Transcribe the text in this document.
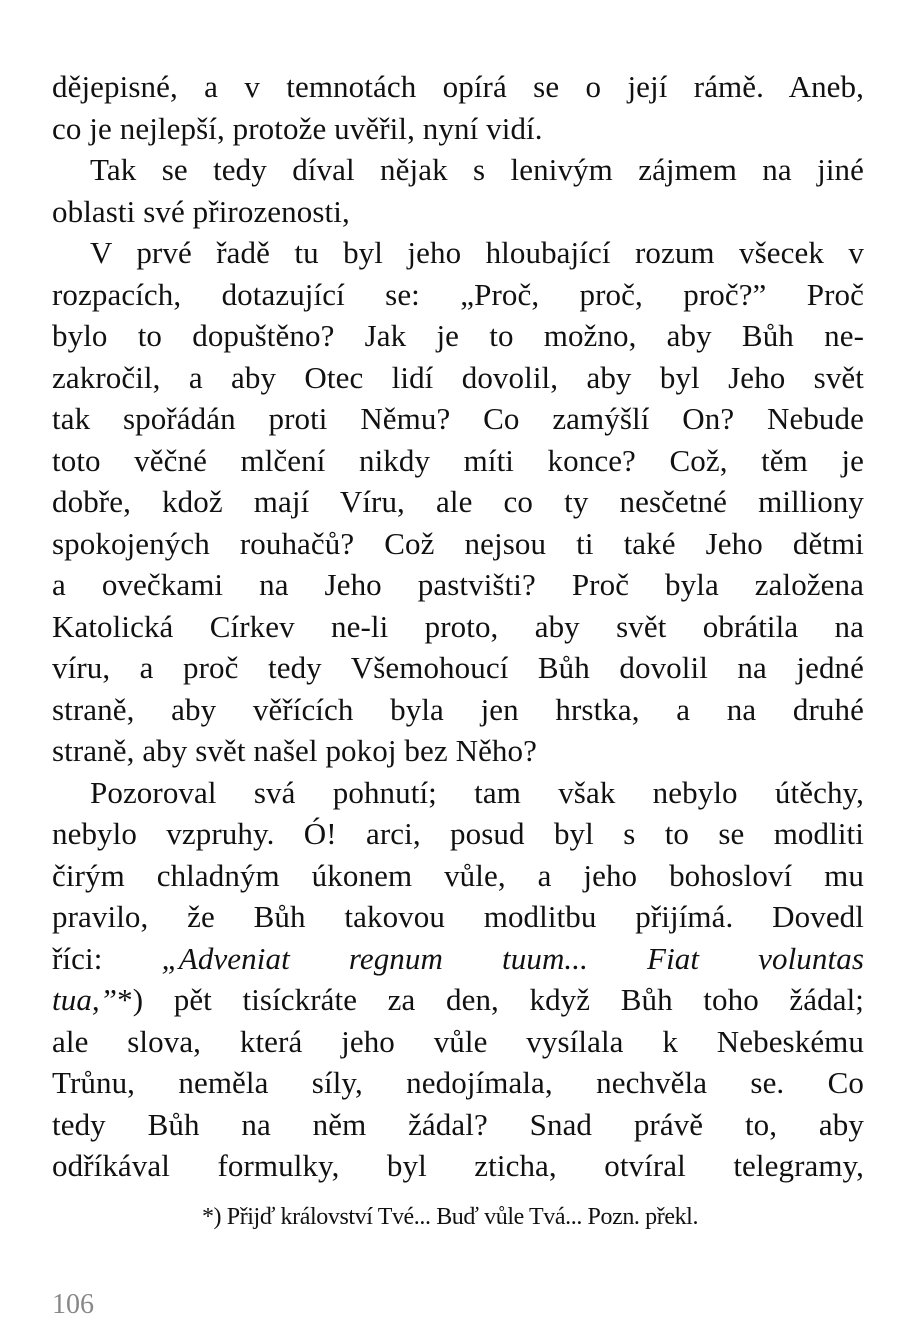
dějepisné, a v temnotách opírá se o její rámě. Aneb,
co je nejlepší, protože uvěřil, nyní vidí.
Tak se tedy díval nějak s lenivým zájmem na jiné
oblasti své přirozenosti,
V prvé řadě tu byl jeho hloubající rozum všecek v
rozpacích, dotazující se: „Proč, proč, proč?” Proč
bylo to dopuštěno? Jak je to možno, aby Bůh ne-
zakročil, a aby Otec lidí dovolil, aby byl Jeho svět
tak spořádán proti Němu? Co zamýšlí On? Nebude
toto věčné mlčení nikdy míti konce? Což, těm je
dobře, kdož mají Víru, ale co ty nesčetné milliony
spokojených rouhačů? Což nejsou ti také Jeho dětmi
a ovečkami na Jeho pastvišti? Proč byla založena
Katolická Církev ne-li proto, aby svět obrátila na
víru, a proč tedy Všemohoucí Bůh dovolil na jedné
straně, aby věřících byla jen hrstka, a na druhé
straně, aby svět našel pokoj bez Něho?
Pozoroval svá pohnutí; tam však nebylo útěchy,
nebylo vzpruhy. Ó! arci, posud byl s to se modliti
čirým chladným úkonem vůle, a jeho bohosloví mu
pravilo, že Bůh takovou modlitbu přijímá. Dovedl
říci: „Adveniat regnum tuum... Fiat voluntas
tua,”*) pět tisíckráte za den, když Bůh toho žádal;
ale slova, která jeho vůle vysílala k Nebeskému
Trůnu, neměla síly, nedojímala, nechvěla se. Co
tedy Bůh na něm žádal? Snad právě to, aby
odříkával formulky, byl zticha, otvíral telegramy,
*) Přijď království Tvé... Buď vůle Tvá... Pozn. překl.
106
